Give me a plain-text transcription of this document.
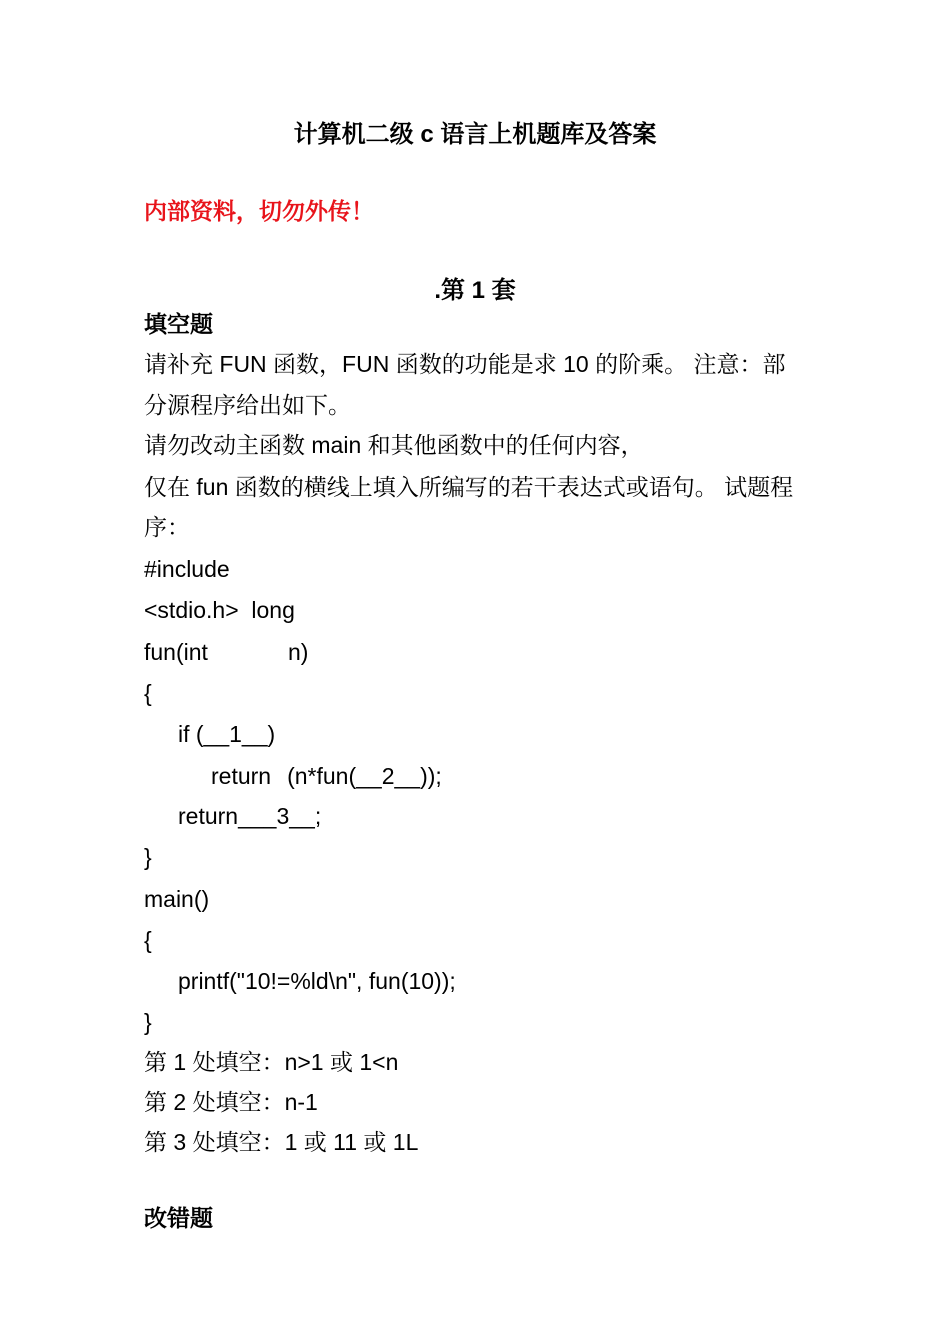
计算机二级 c 语言上机题库及答案
内部资料，切勿外传！
.第 1 套
填空题
请补充 FUN 函数，FUN 函数的功能是求 10 的阶乘。 注意：部
分源程序给出如下。
请勿改动主函数 main 和其他函数中的任何内容，
仅在 fun 函数的横线上填入所编写的若干表达式或语句。 试题程
序：
#include
<stdio.h>  long
fun(int	n)
{
if (__1__)
return (n*fun(__2__));
return___3__;
}
main()
{
printf("10!=%ld\n", fun(10));
}
第 1 处填空：n>1 或 1<n
第 2 处填空：n-1
第 3 处填空：1 或 11 或 1L
改错题
